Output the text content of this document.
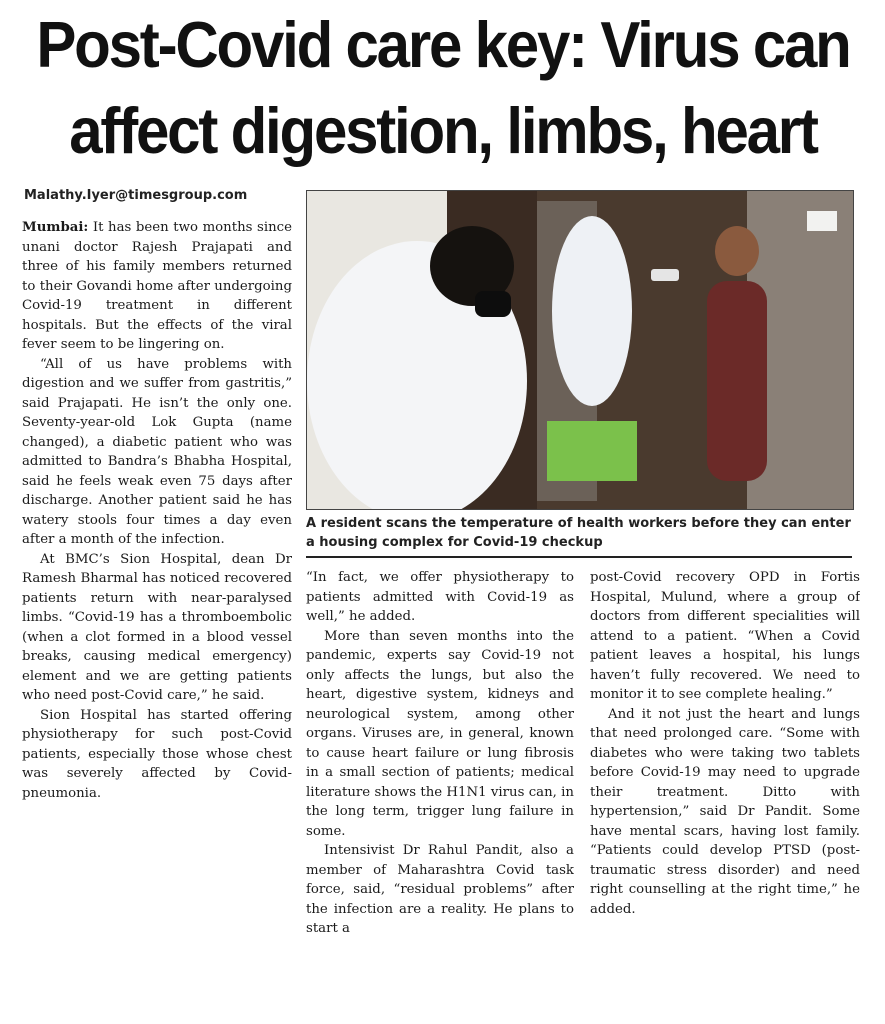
Post-Covid care key: Virus can
affect digestion, limbs, heart
Malathy.Iyer@timesgroup.com

Mumbai: It has been two months since unani doctor Rajesh Prajapati and three of his family members returned to their Govandi home after undergoing Covid-19 treatment in different hospitals. But the effects of the viral fever seem to be lingering on.

“All of us have problems with digestion and we suffer from gastritis,” said Prajapati. He isn’t the only one. Seventy-year-old Lok Gupta (name changed), a diabetic patient who was admitted to Bandra’s Bhabha Hospital, said he feels weak even 75 days after discharge. Another patient said he has watery stools four times a day even after a month of the infection.

At BMC’s Sion Hospital, dean Dr Ramesh Bharmal has noticed recovered patients return with near-paralysed limbs. “Covid-19 has a thromboembolic (when a clot formed in a blood vessel breaks, causing medical emergency) element and we are getting patients who need post-Covid care,” he said.

Sion Hospital has started offering physiotherapy for such post-Covid patients, especially those whose chest was severely affected by Covid-pneumonia.

A resident scans the temperature of health workers before they can enter a housing complex for Covid-19 checkup

“In fact, we offer physiotherapy to patients admitted with Covid-19 as well,” he added.

More than seven months into the pandemic, experts say Covid-19 not only affects the lungs, but also the heart, digestive system, kidneys and neurological system, among other organs. Viruses are, in general, known to cause heart failure or lung fibrosis in a small section of patients; medical literature shows the H1N1 virus can, in the long term, trigger lung failure in some.

Intensivist Dr Rahul Pandit, also a member of Maharashtra Covid task force, said, “residual problems” after the infection are a reality. He plans to start a

post-Covid recovery OPD in Fortis Hospital, Mulund, where a group of doctors from different specialities will attend to a patient. “When a Covid patient leaves a hospital, his lungs haven’t fully recovered. We need to monitor it to see complete healing.”

And it not just the heart and lungs that need prolonged care. “Some with diabetes who were taking two tablets before Covid-19 may need to upgrade their treatment. Ditto with hypertension,” said Dr Pandit. Some have mental scars, having lost family. “Patients could develop PTSD (post-traumatic stress disorder) and need right counselling at the right time,” he added.
